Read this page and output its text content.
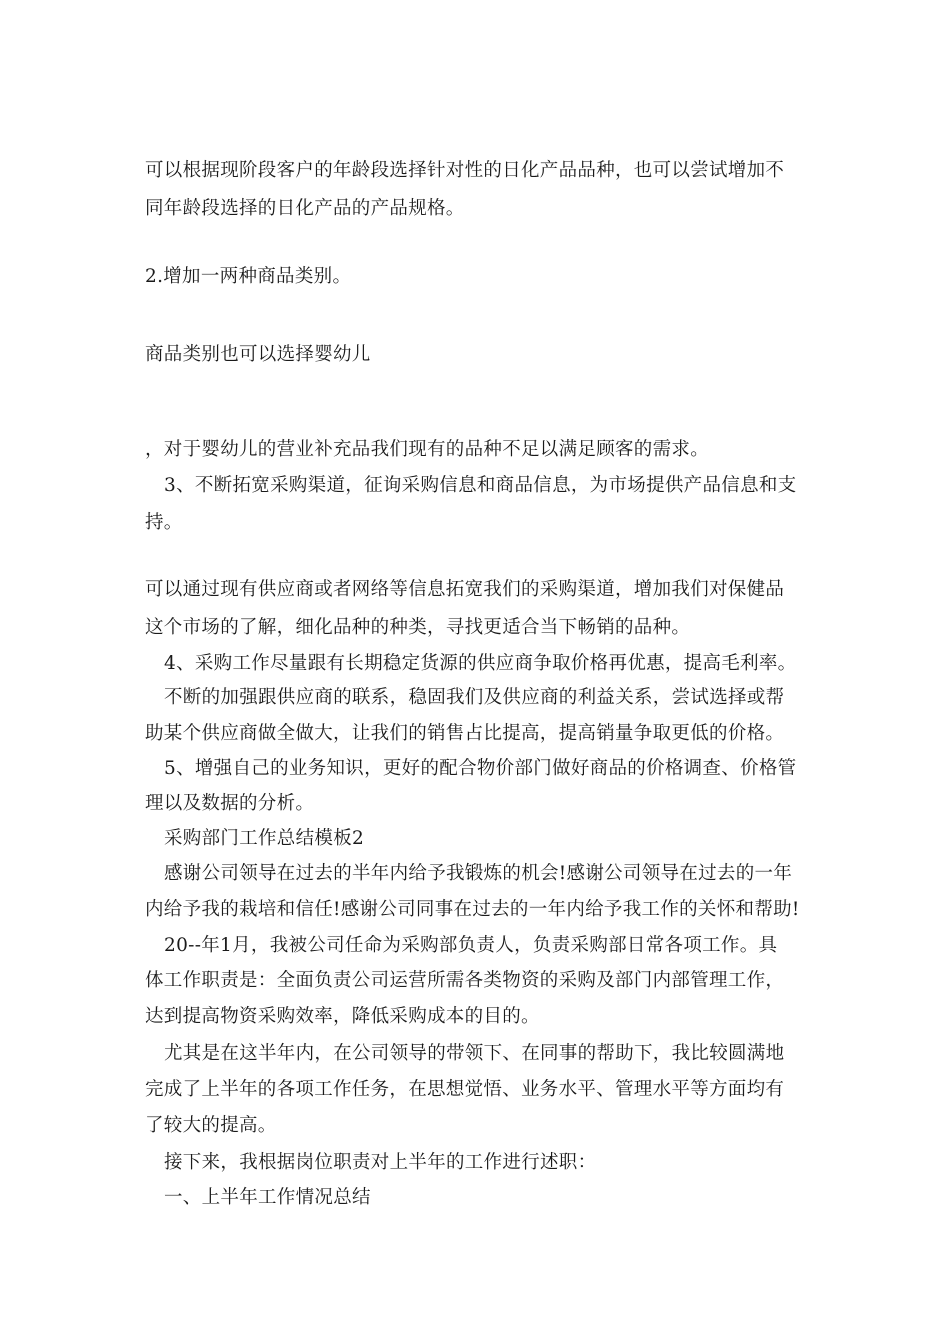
可以根据现阶段客户的年龄段选择针对性的日化产品品种，也可以尝试增加不
同年龄段选择的日化产品的产品规格。
2.增加一两种商品类别。
商品类别也可以选择婴幼儿
，对于婴幼儿的营业补充品我们现有的品种不足以满足顾客的需求。
3、不断拓宽采购渠道，征询采购信息和商品信息，为市场提供产品信息和支
持。
可以通过现有供应商或者网络等信息拓宽我们的采购渠道，增加我们对保健品
这个市场的了解，细化品种的种类，寻找更适合当下畅销的品种。
4、采购工作尽量跟有长期稳定货源的供应商争取价格再优惠，提高毛利率。
不断的加强跟供应商的联系，稳固我们及供应商的利益关系，尝试选择或帮
助某个供应商做全做大，让我们的销售占比提高，提高销量争取更低的价格。
5、增强自己的业务知识，更好的配合物价部门做好商品的价格调查、价格管
理以及数据的分析。
采购部门工作总结模板2
感谢公司领导在过去的半年内给予我锻炼的机会!感谢公司领导在过去的一年
内给予我的栽培和信任!感谢公司同事在过去的一年内给予我工作的关怀和帮助!
20--年1月，我被公司任命为采购部负责人，负责采购部日常各项工作。具
体工作职责是：全面负责公司运营所需各类物资的采购及部门内部管理工作，
达到提高物资采购效率，降低采购成本的目的。
尤其是在这半年内，在公司领导的带领下、在同事的帮助下，我比较圆满地
完成了上半年的各项工作任务，在思想觉悟、业务水平、管理水平等方面均有
了较大的提高。
接下来，我根据岗位职责对上半年的工作进行述职：
一、上半年工作情况总结
